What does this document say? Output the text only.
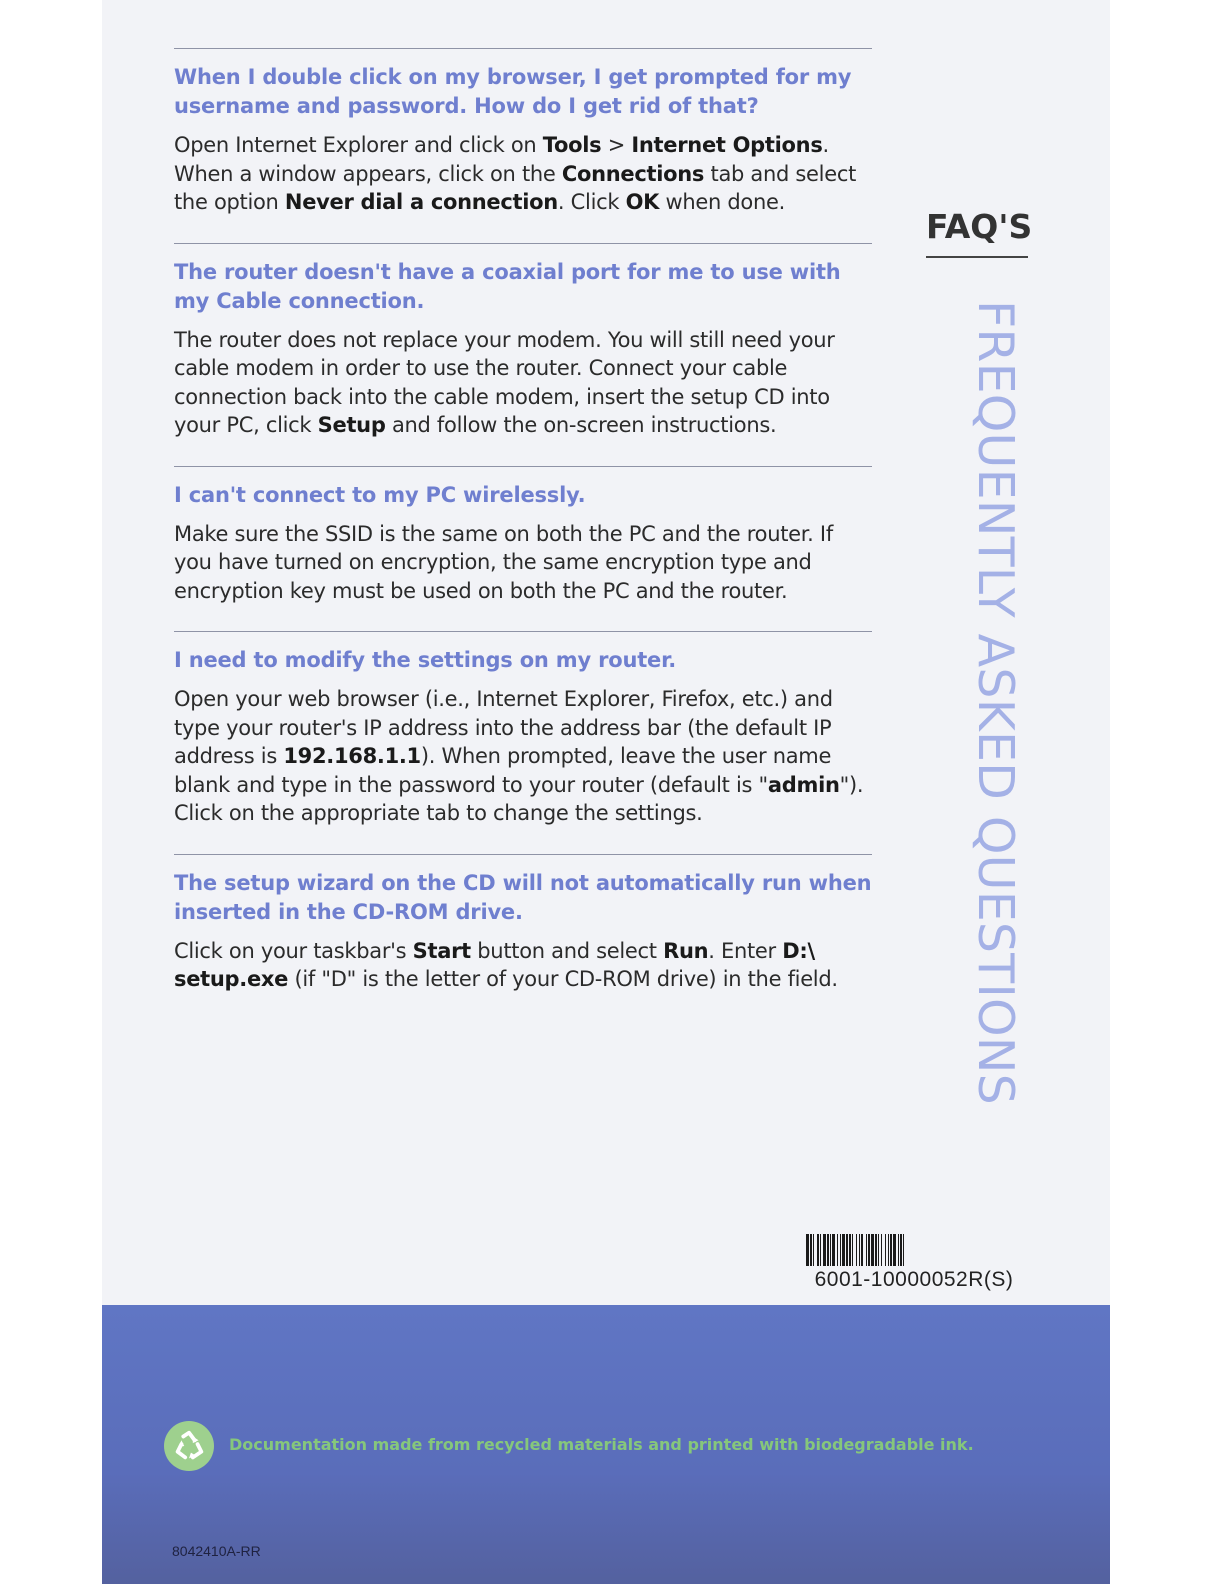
When I double click on my browser, I get prompted for my username and password. How do I get rid of that?

Open Internet Explorer and click on Tools > Internet Options. When a window appears, click on the Connections tab and select the option Never dial a connection. Click OK when done.

The router doesn't have a coaxial port for me to use with my Cable connection.

The router does not replace your modem. You will still need your cable modem in order to use the router. Connect your cable connection back into the cable modem, insert the setup CD into your PC, click Setup and follow the on-screen instructions.

I can't connect to my PC wirelessly.

Make sure the SSID is the same on both the PC and the router. If you have turned on encryption, the same encryption type and encryption key must be used on both the PC and the router.

I need to modify the settings on my router.

Open your web browser (i.e., Internet Explorer, Firefox, etc.) and type your router's IP address into the address bar (the default IP address is 192.168.1.1). When prompted, leave the user name blank and type in the password to your router (default is "admin"). Click on the appropriate tab to change the settings.

The setup wizard on the CD will not automatically run when inserted in the CD-ROM drive.

Click on your taskbar's Start button and select Run. Enter D:\ setup.exe (if "D" is the letter of your CD-ROM drive) in the field.

FAQ'S
FREQUENTLY ASKED QUESTIONS
6001-10000052R(S)
Documentation made from recycled materials and printed with biodegradable ink.
8042410A-RR
